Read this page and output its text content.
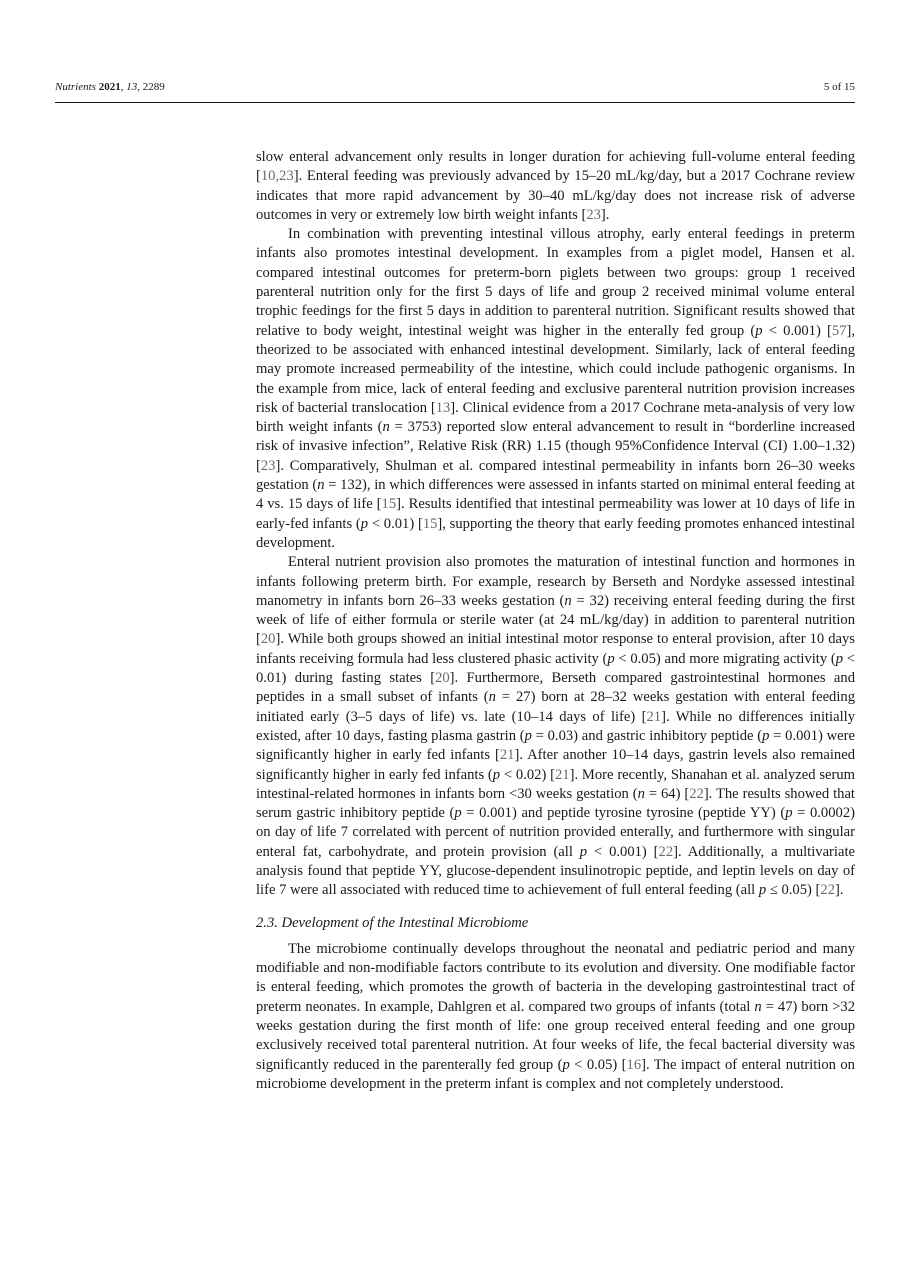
Nutrients 2021, 13, 2289	5 of 15

slow enteral advancement only results in longer duration for achieving full-volume enteral feeding [10,23]. Enteral feeding was previously advanced by 15–20 mL/kg/day, but a 2017 Cochrane review indicates that more rapid advancement by 30–40 mL/kg/day does not increase risk of adverse outcomes in very or extremely low birth weight infants [23].

In combination with preventing intestinal villous atrophy, early enteral feedings in preterm infants also promotes intestinal development. In examples from a piglet model, Hansen et al. compared intestinal outcomes for preterm-born piglets between two groups: group 1 received parenteral nutrition only for the first 5 days of life and group 2 received minimal volume enteral trophic feedings for the first 5 days in addition to parenteral nutrition. Significant results showed that relative to body weight, intestinal weight was higher in the enterally fed group (p < 0.001) [57], theorized to be associated with enhanced intestinal development. Similarly, lack of enteral feeding may promote increased permeability of the intestine, which could include pathogenic organisms. In the example from mice, lack of enteral feeding and exclusive parenteral nutrition provision increases risk of bacterial translocation [13]. Clinical evidence from a 2017 Cochrane meta-analysis of very low birth weight infants (n = 3753) reported slow enteral advancement to result in “borderline increased risk of invasive infection”, Relative Risk (RR) 1.15 (though 95%Confidence Interval (CI) 1.00–1.32) [23]. Comparatively, Shulman et al. compared intestinal permeability in infants born 26–30 weeks gestation (n = 132), in which differences were assessed in infants started on minimal enteral feeding at 4 vs. 15 days of life [15]. Results identified that intestinal permeability was lower at 10 days of life in early-fed infants (p < 0.01) [15], supporting the theory that early feeding promotes enhanced intestinal development.

Enteral nutrient provision also promotes the maturation of intestinal function and hormones in infants following preterm birth. For example, research by Berseth and Nordyke assessed intestinal manometry in infants born 26–33 weeks gestation (n = 32) receiving enteral feeding during the first week of life of either formula or sterile water (at 24 mL/kg/day) in addition to parenteral nutrition [20]. While both groups showed an initial intestinal motor response to enteral provision, after 10 days infants receiving formula had less clustered phasic activity (p < 0.05) and more migrating activity (p < 0.01) during fasting states [20]. Furthermore, Berseth compared gastrointestinal hormones and peptides in a small subset of infants (n = 27) born at 28–32 weeks gestation with enteral feeding initiated early (3–5 days of life) vs. late (10–14 days of life) [21]. While no differences initially existed, after 10 days, fasting plasma gastrin (p = 0.03) and gastric inhibitory peptide (p = 0.001) were significantly higher in early fed infants [21]. After another 10–14 days, gastrin levels also remained significantly higher in early fed infants (p < 0.02) [21]. More recently, Shanahan et al. analyzed serum intestinal-related hormones in infants born <30 weeks gestation (n = 64) [22]. The results showed that serum gastric inhibitory peptide (p = 0.001) and peptide tyrosine tyrosine (peptide YY) (p = 0.0002) on day of life 7 correlated with percent of nutrition provided enterally, and furthermore with singular enteral fat, carbohydrate, and protein provision (all p < 0.001) [22]. Additionally, a multivariate analysis found that peptide YY, glucose-dependent insulinotropic peptide, and leptin levels on day of life 7 were all associated with reduced time to achievement of full enteral feeding (all p ≤ 0.05) [22].

2.3. Development of the Intestinal Microbiome

The microbiome continually develops throughout the neonatal and pediatric period and many modifiable and non-modifiable factors contribute to its evolution and diversity. One modifiable factor is enteral feeding, which promotes the growth of bacteria in the developing gastrointestinal tract of preterm neonates. In example, Dahlgren et al. compared two groups of infants (total n = 47) born >32 weeks gestation during the first month of life: one group received enteral feeding and one group exclusively received total parenteral nutrition. At four weeks of life, the fecal bacterial diversity was significantly reduced in the parenterally fed group (p < 0.05) [16]. The impact of enteral nutrition on microbiome development in the preterm infant is complex and not completely understood.
